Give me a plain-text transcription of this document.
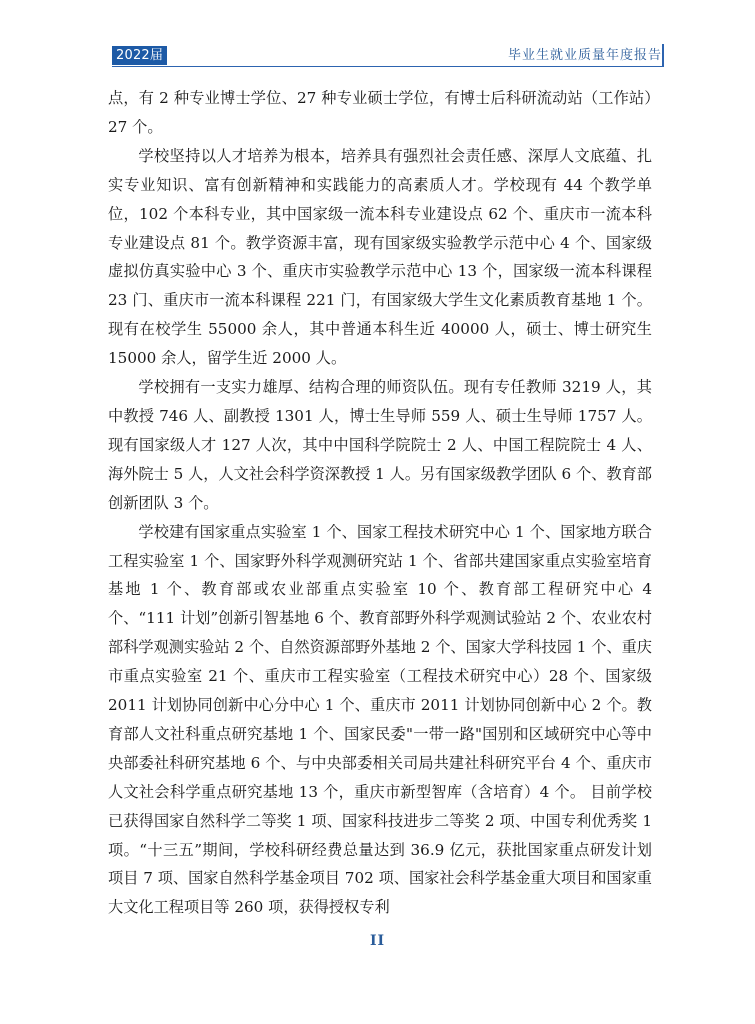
2022届	毕业生就业质量年度报告

点，有 2 种专业博士学位、27 种专业硕士学位，有博士后科研流动站（工作站）27 个。

学校坚持以人才培养为根本，培养具有强烈社会责任感、深厚人文底蕴、扎实专业知识、富有创新精神和实践能力的高素质人才。学校现有 44 个教学单位，102 个本科专业，其中国家级一流本科专业建设点 62 个、重庆市一流本科专业建设点 81 个。教学资源丰富，现有国家级实验教学示范中心 4 个、国家级虚拟仿真实验中心 3 个、重庆市实验教学示范中心 13 个，国家级一流本科课程 23 门、重庆市一流本科课程 221 门，有国家级大学生文化素质教育基地 1 个。现有在校学生 55000 余人，其中普通本科生近 40000 人，硕士、博士研究生 15000 余人，留学生近 2000 人。

学校拥有一支实力雄厚、结构合理的师资队伍。现有专任教师 3219 人，其中教授 746 人、副教授 1301 人，博士生导师 559 人、硕士生导师 1757 人。现有国家级人才 127 人次，其中中国科学院院士 2 人、中国工程院院士 4 人、海外院士 5 人，人文社会科学资深教授 1 人。另有国家级教学团队 6 个、教育部创新团队 3 个。

学校建有国家重点实验室 1 个、国家工程技术研究中心 1 个、国家地方联合工程实验室 1 个、国家野外科学观测研究站 1 个、省部共建国家重点实验室培育基地 1 个、教育部或农业部重点实验室 10 个、教育部工程研究中心 4 个、“111 计划”创新引智基地 6 个、教育部野外科学观测试验站 2 个、农业农村部科学观测实验站 2 个、自然资源部野外基地 2 个、国家大学科技园 1 个、重庆市重点实验室 21 个、重庆市工程实验室（工程技术研究中心）28 个、国家级 2011 计划协同创新中心分中心 1 个、重庆市 2011 计划协同创新中心 2 个。教育部人文社科重点研究基地 1 个、国家民委"一带一路"国别和区域研究中心等中央部委社科研究基地 6 个、与中央部委相关司局共建社科研究平台 4 个、重庆市人文社会科学重点研究基地 13 个，重庆市新型智库（含培育）4 个。 目前学校已获得国家自然科学二等奖 1 项、国家科技进步二等奖 2 项、中国专利优秀奖 1 项。“十三五”期间，学校科研经费总量达到 36.9 亿元，获批国家重点研发计划项目 7 项、国家自然科学基金项目 702 项、国家社会科学基金重大项目和国家重大文化工程项目等 260 项，获得授权专利

II
